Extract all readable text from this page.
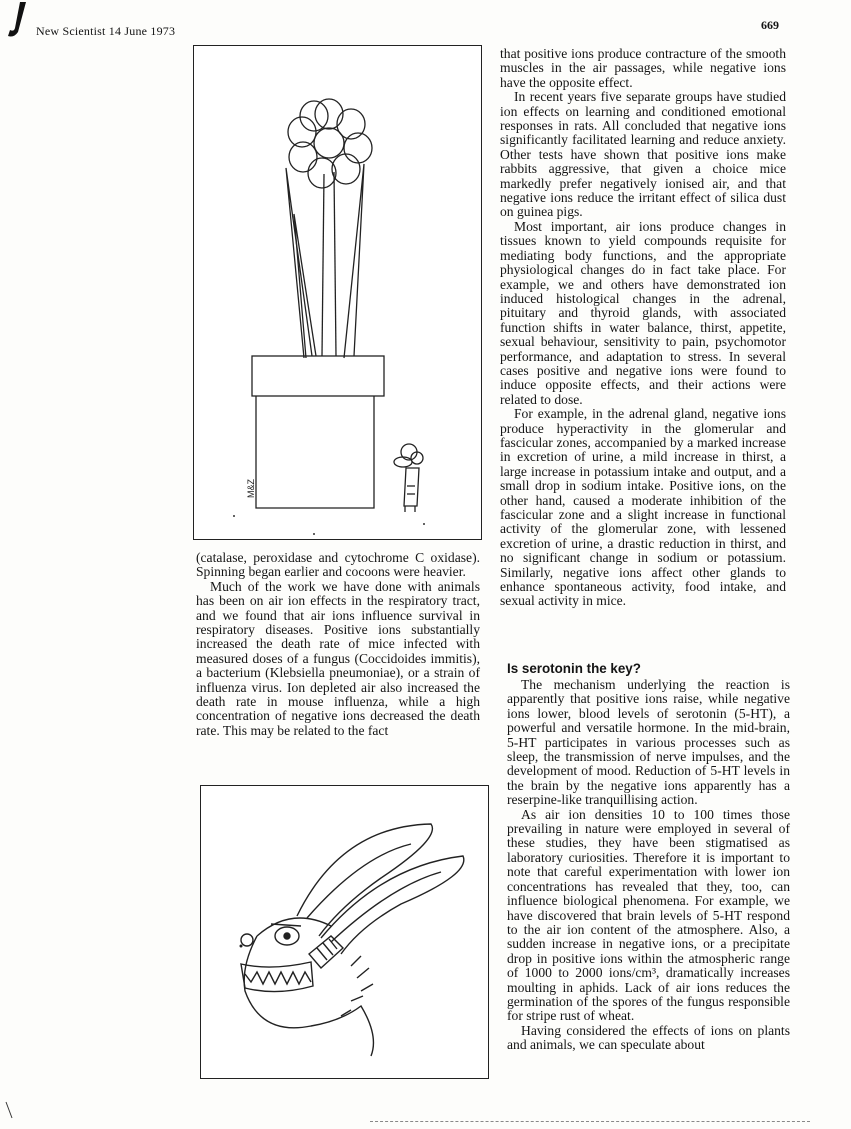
New Scientist 14 June 1973	669
M&Z

(catalase, peroxidase and cytochrome C oxidase). Spinning began earlier and cocoons were heavier.

Much of the work we have done with animals has been on air ion effects in the respiratory tract, and we found that air ions influence survival in respiratory diseases. Positive ions substantially increased the death rate of mice infected with measured doses of a fungus (Coccidoides immitis), a bacterium (Klebsiella pneumoniae), or a strain of influenza virus. Ion depleted air also increased the death rate in mouse influenza, while a high concentration of negative ions decreased the death rate. This may be related to the fact

that positive ions produce contracture of the smooth muscles in the air passages, while negative ions have the opposite effect.

In recent years five separate groups have studied ion effects on learning and conditioned emotional responses in rats. All concluded that negative ions significantly facilitated learning and reduce anxiety. Other tests have shown that positive ions make rabbits aggressive, that given a choice mice markedly prefer negatively ionised air, and that negative ions reduce the irritant effect of silica dust on guinea pigs.

Most important, air ions produce changes in tissues known to yield compounds requisite for mediating body functions, and the appropriate physiological changes do in fact take place. For example, we and others have demonstrated ion induced histological changes in the adrenal, pituitary and thyroid glands, with associated function shifts in water balance, thirst, appetite, sexual behaviour, sensitivity to pain, psychomotor performance, and adaptation to stress. In several cases positive and negative ions were found to induce opposite effects, and their actions were related to dose.

For example, in the adrenal gland, negative ions produce hyperactivity in the glomerular and fascicular zones, accompanied by a marked increase in excretion of urine, a mild increase in thirst, a large increase in potassium intake and output, and a small drop in sodium intake. Positive ions, on the other hand, caused a moderate inhibition of the fascicular zone and a slight increase in functional activity of the glomerular zone, with lessened excretion of urine, a drastic reduction in thirst, and no significant change in sodium or potassium. Similarly, negative ions affect other glands to enhance spontaneous activity, food intake, and sexual activity in mice.

Is serotonin the key?

The mechanism underlying the reaction is apparently that positive ions raise, while negative ions lower, blood levels of serotonin (5-HT), a powerful and versatile hormone. In the mid-brain, 5-HT participates in various processes such as sleep, the transmission of nerve impulses, and the development of mood. Reduction of 5-HT levels in the brain by the negative ions apparently has a reserpine-like tranquillising action.

As air ion densities 10 to 100 times those prevailing in nature were employed in several of these studies, they have been stigmatised as laboratory curiosities. Therefore it is important to note that careful experimentation with lower ion concentrations has revealed that they, too, can influence biological phenomena. For example, we have discovered that brain levels of 5-HT respond to the air ion content of the atmosphere. Also, a sudden increase in negative ions, or a precipitate drop in positive ions within the atmospheric range of 1000 to 2000 ions/cm³, dramatically increases moulting in aphids. Lack of air ions reduces the germination of the spores of the fungus responsible for stripe rust of wheat.

Having considered the effects of ions on plants and animals, we can speculate about
